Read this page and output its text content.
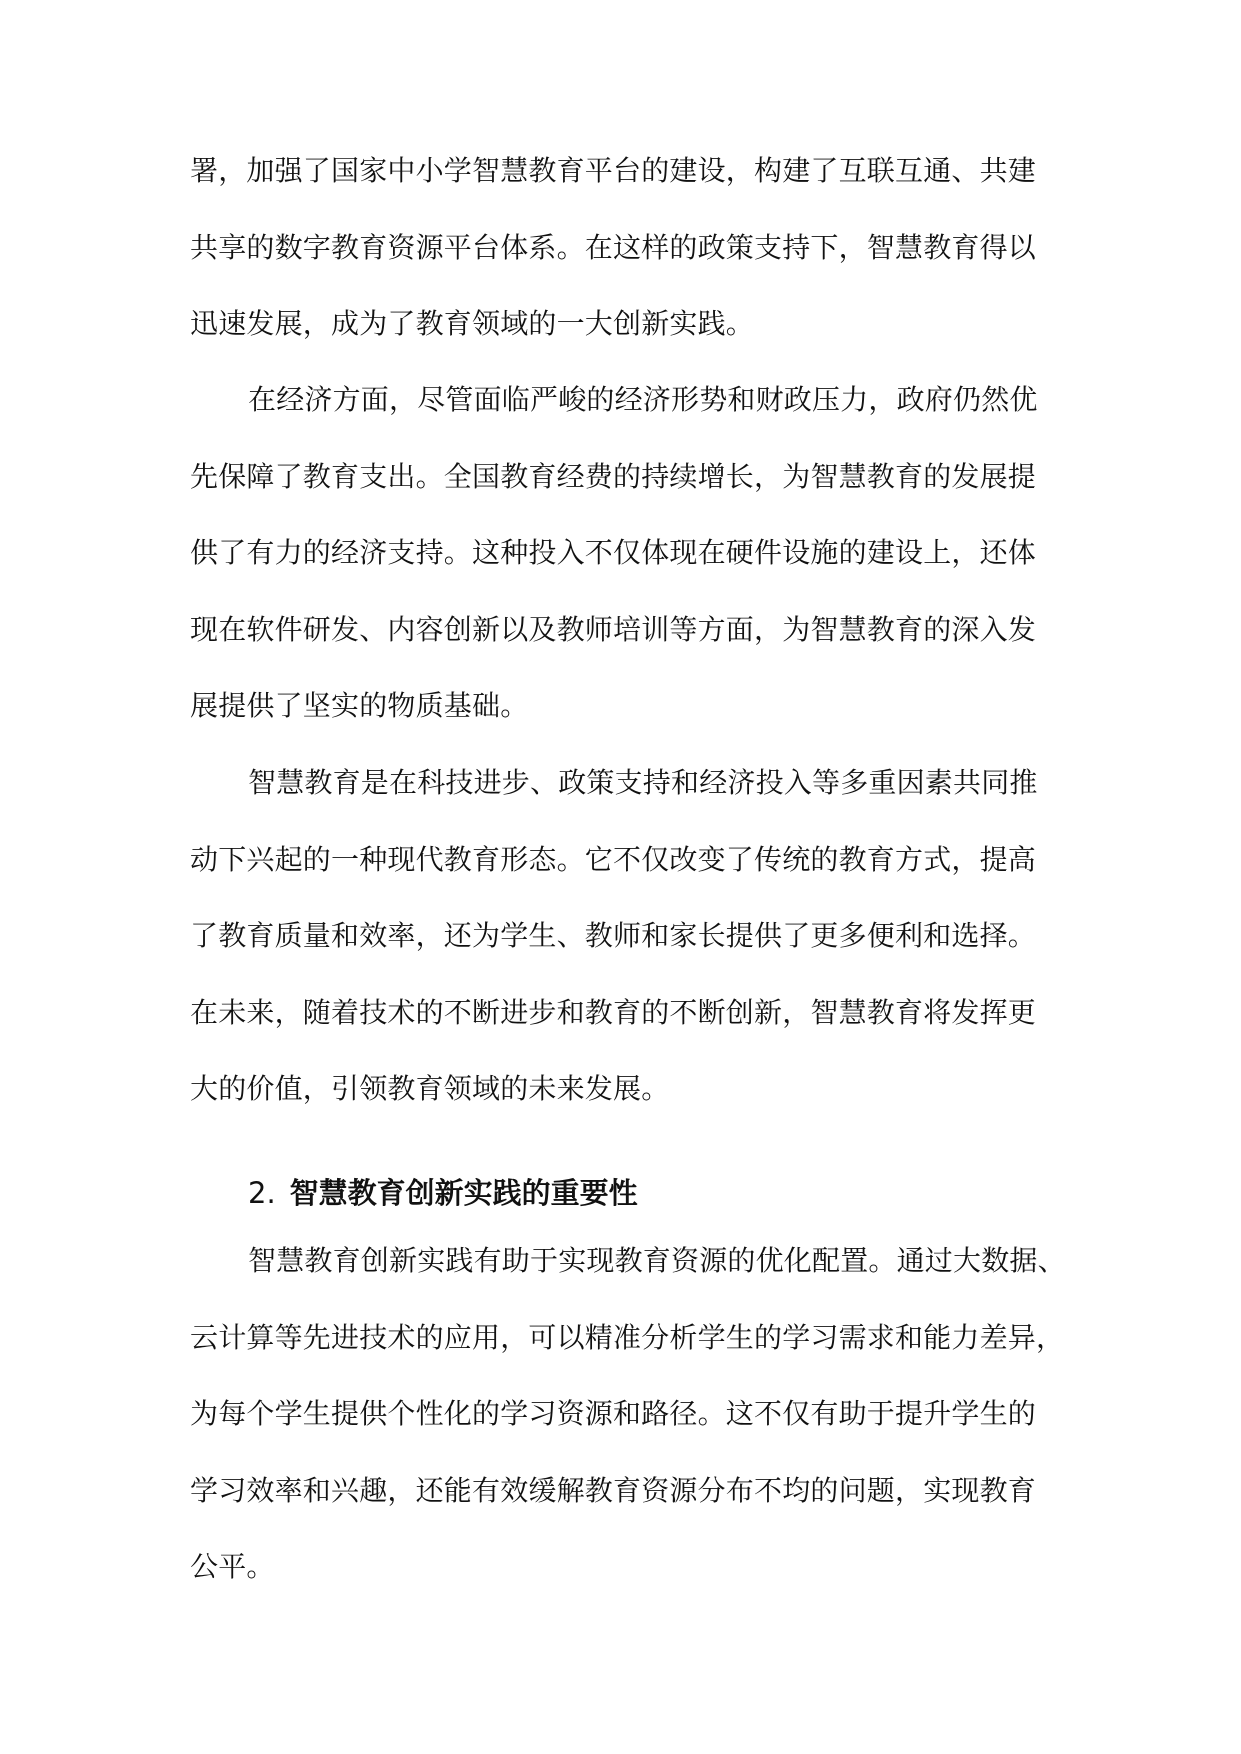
署，加强了国家中小学智慧教育平台的建设，构建了互联互通、共建
共享的数字教育资源平台体系。在这样的政策支持下，智慧教育得以
迅速发展，成为了教育领域的一大创新实践。
在经济方面，尽管面临严峻的经济形势和财政压力，政府仍然优
先保障了教育支出。全国教育经费的持续增长，为智慧教育的发展提
供了有力的经济支持。这种投入不仅体现在硬件设施的建设上，还体
现在软件研发、内容创新以及教师培训等方面，为智慧教育的深入发
展提供了坚实的物质基础。
智慧教育是在科技进步、政策支持和经济投入等多重因素共同推
动下兴起的一种现代教育形态。它不仅改变了传统的教育方式，提高
了教育质量和效率，还为学生、教师和家长提供了更多便利和选择。
在未来，随着技术的不断进步和教育的不断创新，智慧教育将发挥更
大的价值，引领教育领域的未来发展。
2. 智慧教育创新实践的重要性
智慧教育创新实践有助于实现教育资源的优化配置。通过大数据、
云计算等先进技术的应用，可以精准分析学生的学习需求和能力差异，
为每个学生提供个性化的学习资源和路径。这不仅有助于提升学生的
学习效率和兴趣，还能有效缓解教育资源分布不均的问题，实现教育
公平。
